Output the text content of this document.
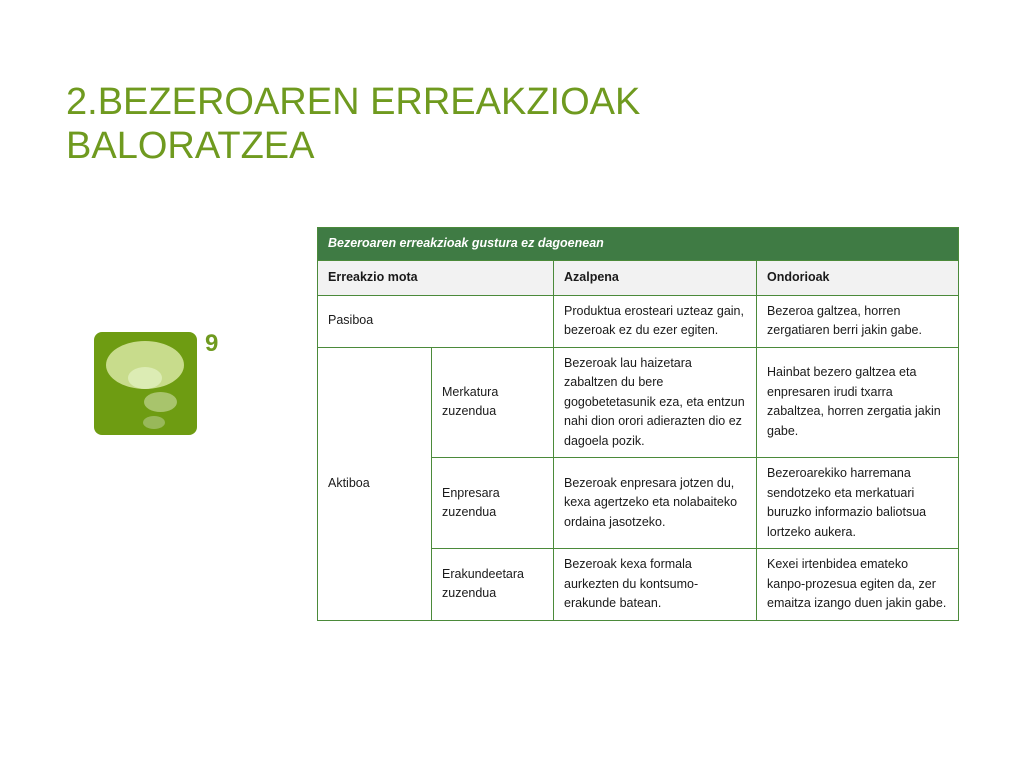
2.BEZEROAREN ERREAKZIOAK
BALORATZEA
9
Bezeroaren erreakzioak gustura ez dagoenean			
Erreakzio mota		Azalpena	Ondorioak
Pasiboa		Produktua erosteari uzteaz gain, bezeroak ez du ezer egiten.	Bezeroa galtzea, horren zergatiaren berri jakin gabe.
Aktiboa	Merkatura zuzendua	Bezeroak lau haizetara zabaltzen du bere gogobetetasunik eza, eta entzun nahi dion orori adierazten dio ez dagoela pozik.	Hainbat bezero galtzea eta enpresaren irudi txarra zabaltzea, horren zergatia jakin gabe.
	Enpresara zuzendua	Bezeroak enpresara jotzen du, kexa agertzeko eta nolabaiteko ordaina jasotzeko.	Bezeroarekiko harremana sendotzeko eta merkatuari buruzko informazio baliotsua lortzeko aukera.
	Erakundeetara zuzendua	Bezeroak kexa formala aurkezten du kontsumo-erakunde batean.	Kexei irtenbidea emateko kanpo-prozesua egiten da, zer emaitza izango duen jakin gabe.
